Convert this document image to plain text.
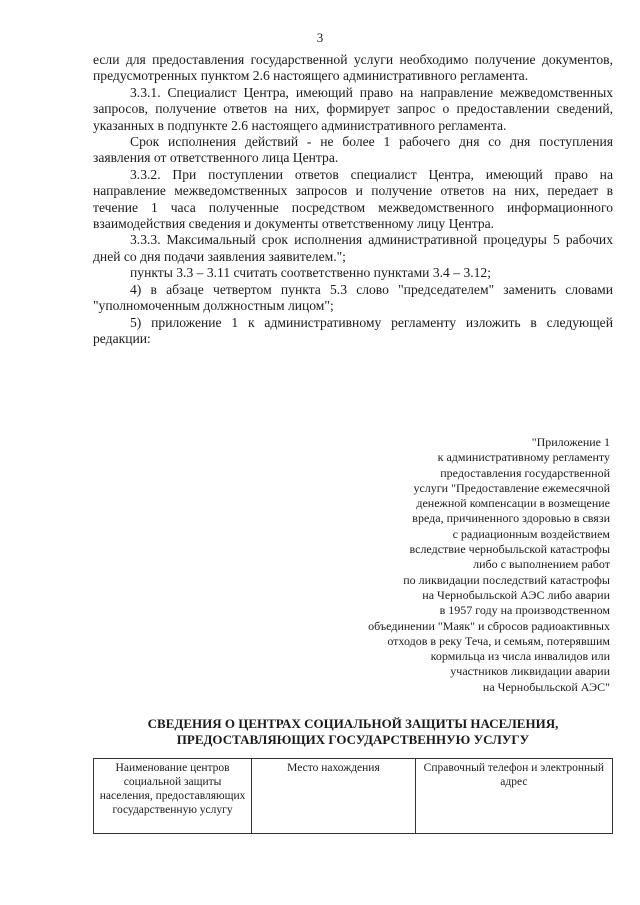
3

если для предоставления государственной услуги необходимо получение документов, предусмотренных пунктом 2.6 настоящего административного регламента.

3.3.1. Специалист Центра, имеющий право на направление межведомственных запросов, получение ответов на них, формирует запрос о предоставлении сведений, указанных в подпункте 2.6 настоящего административного регламента.

Срок исполнения действий - не более 1 рабочего дня со дня поступления заявления от ответственного лица Центра.

3.3.2. При поступлении ответов специалист Центра, имеющий право на направление межведомственных запросов и получение ответов на них, передает в течение 1 часа полученные посредством межведомственного информационного взаимодействия сведения и документы ответственному лицу Центра.

3.3.3. Максимальный срок исполнения административной процедуры 5 рабочих дней со дня подачи заявления заявителем.";

пункты 3.3 – 3.11 считать соответственно пунктами 3.4 – 3.12;

4) в абзаце четвертом пункта 5.3 слово "председателем" заменить словами "уполномоченным должностным лицом";

5) приложение 1 к административному регламенту изложить в следующей редакции:

"Приложение 1
к административному регламенту
предоставления государственной
услуги "Предоставление ежемесячной
денежной компенсации в возмещение
вреда, причиненного здоровью в связи
с радиационным воздействием
вследствие чернобыльской катастрофы
либо с выполнением работ
по ликвидации последствий катастрофы
на Чернобыльской АЭС либо аварии
в 1957 году на производственном
объединении "Маяк" и сбросов радиоактивных
отходов в реку Теча, и семьям, потерявшим
кормильца из числа инвалидов или
участников ликвидации аварии
на Чернобыльской АЭС"
СВЕДЕНИЯ О ЦЕНТРАХ СОЦИАЛЬНОЙ ЗАЩИТЫ НАСЕЛЕНИЯ,
ПРЕДОСТАВЛЯЮЩИХ ГОСУДАРСТВЕННУЮ УСЛУГУ
Наименование центров социальной защиты населения, предоставляющих государственную услугу	Место нахождения	Справочный телефон и электронный адрес
